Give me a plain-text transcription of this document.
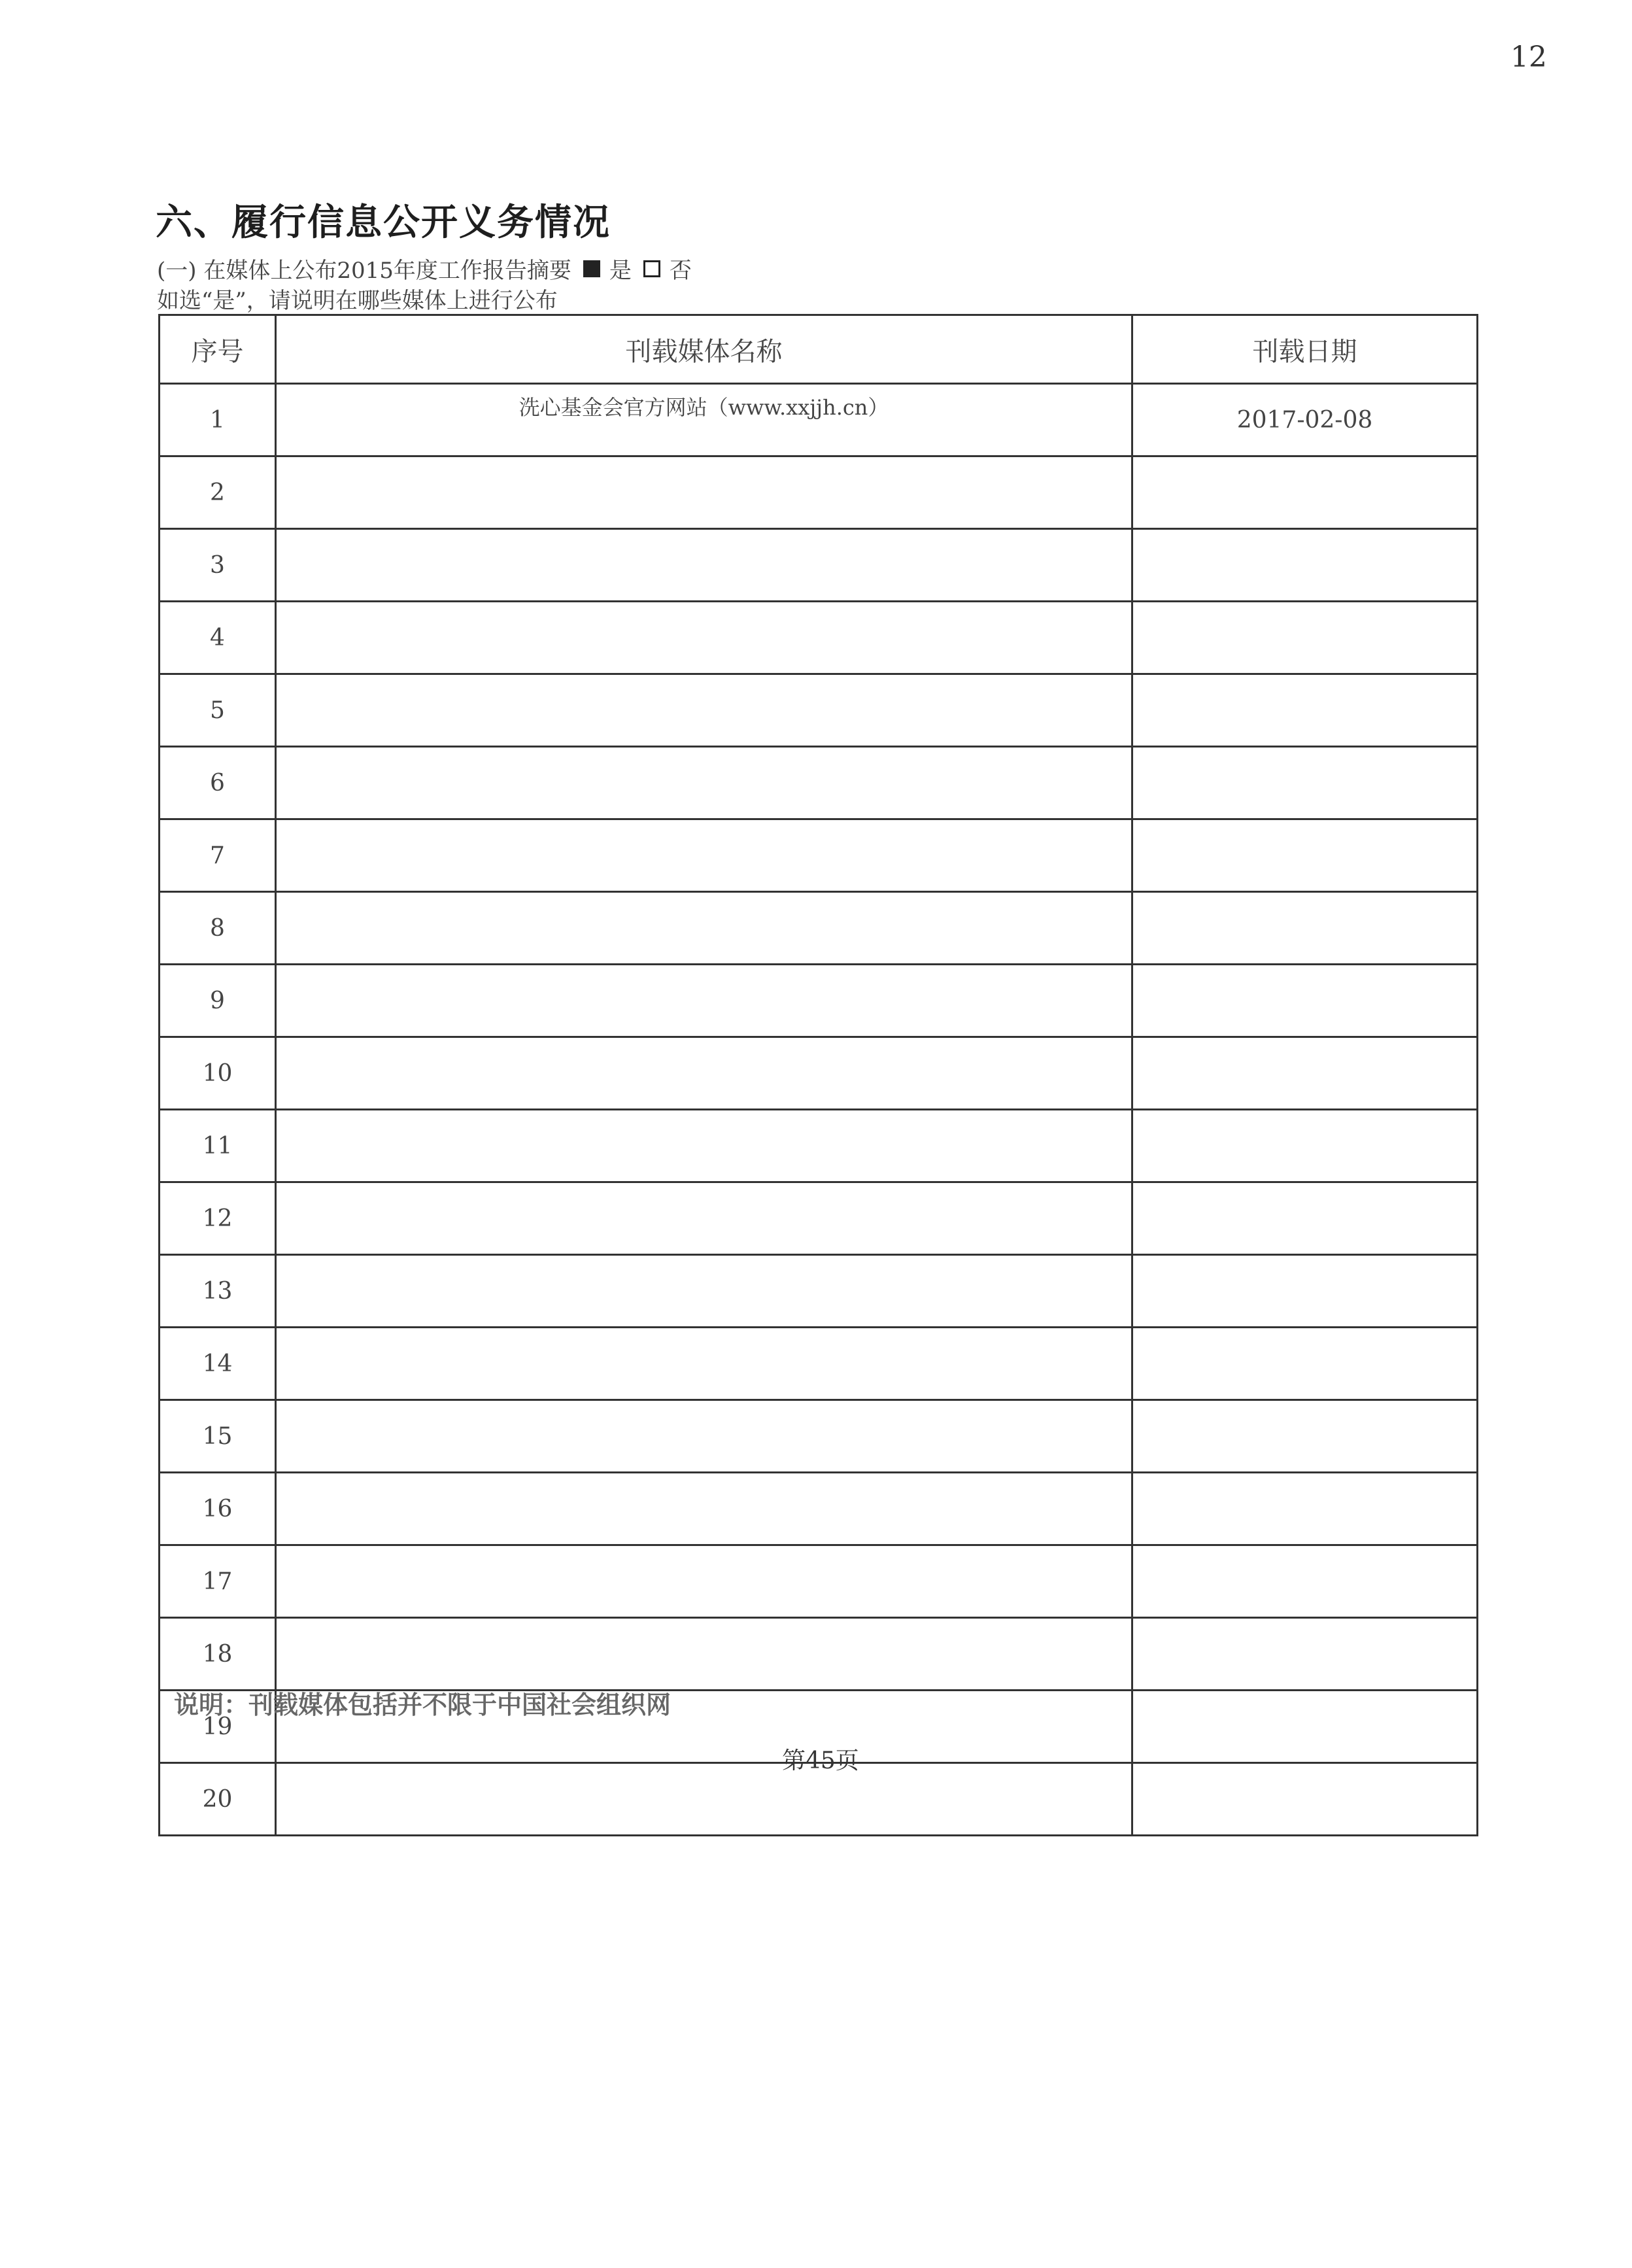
12
六、履行信息公开义务情况
(一) 在媒体上公布2015年度工作报告摘要 是 否
如选“是”，请说明在哪些媒体上进行公布
序号	刊载媒体名称	刊载日期
1	洗心基金会官方网站（www.xxjjh.cn）	2017-02-08
2		
3		
4		
5		
6		
7		
8		
9		
10		
11		
12		
13		
14		
15		
16		
17		
18		
19		
20		
说明：刊载媒体包括并不限于中国社会组织网
第45页
